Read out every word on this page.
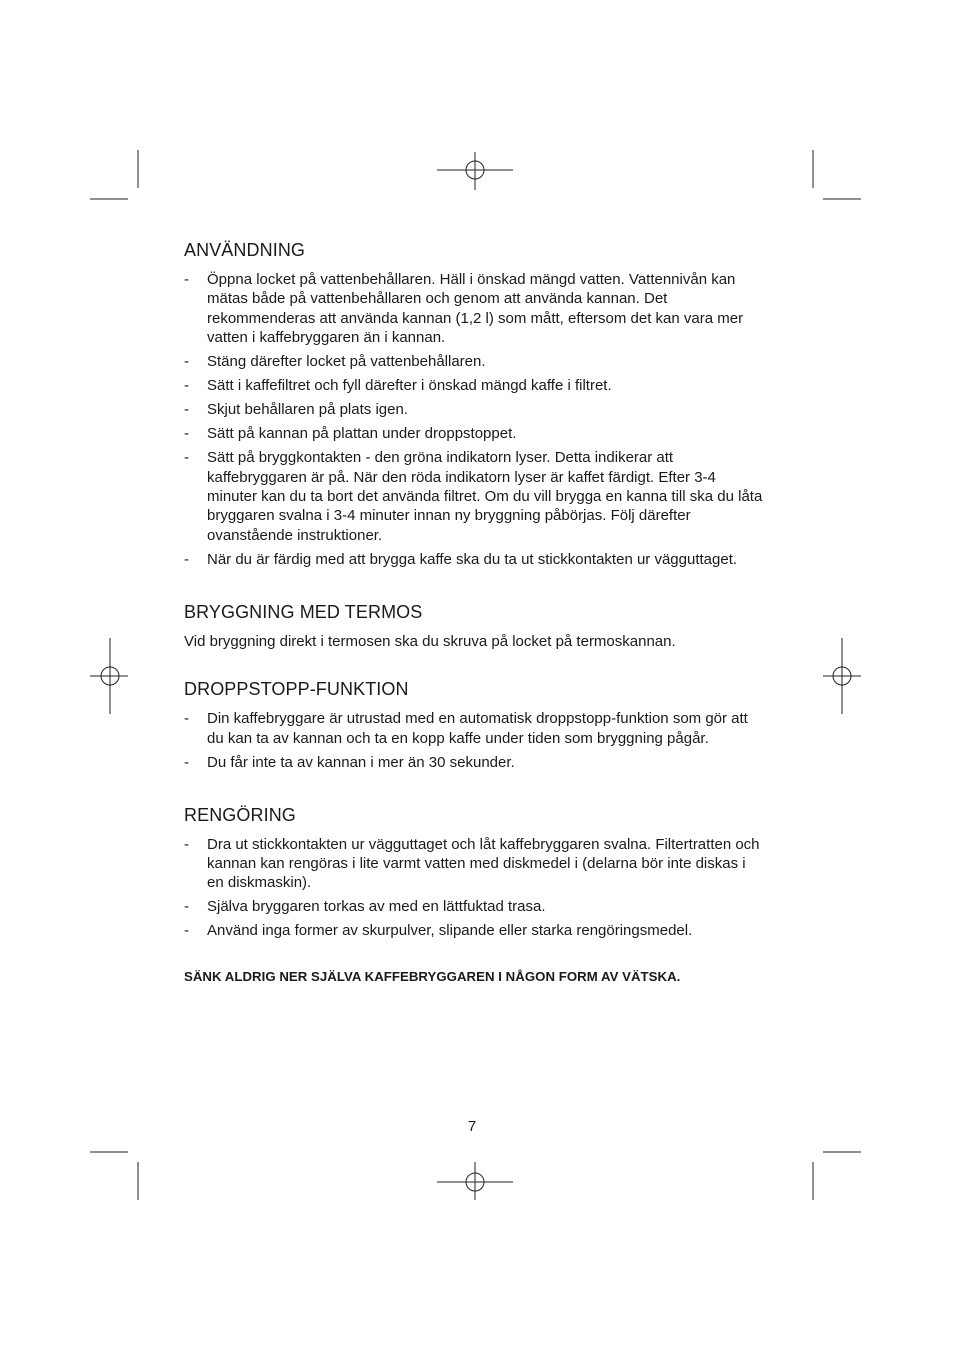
ANVÄNDNING
- Öppna locket på vattenbehållaren. Häll i önskad mängd vatten. Vattennivån kan mätas både på vattenbehållaren och genom att använda kannan. Det rekommenderas att använda kannan (1,2 l) som mått, eftersom det kan vara mer vatten i kaffebryggaren än i kannan.
- Stäng därefter locket på vattenbehållaren.
- Sätt i kaffefiltret och fyll därefter i önskad mängd kaffe i filtret.
- Skjut behållaren på plats igen.
- Sätt på kannan på plattan under droppstoppet.
- Sätt på bryggkontakten - den gröna indikatorn lyser. Detta indikerar att kaffebryggaren är på. När den röda indikatorn lyser är kaffet färdigt. Efter 3-4 minuter kan du ta bort det använda filtret. Om du vill brygga en kanna till ska du låta bryggaren svalna i 3-4 minuter innan ny bryggning påbörjas. Följ därefter ovanstående instruktioner.
- När du är färdig med att brygga kaffe ska du ta ut stickkontakten ur vägguttaget.
BRYGGNING MED TERMOS

Vid bryggning direkt i termosen ska du skruva på locket på termoskannan.

DROPPSTOPP-FUNKTION
- Din kaffebryggare är utrustad med en automatisk droppstopp-funktion som gör att du kan ta av kannan och ta en kopp kaffe under tiden som bryggning pågår.
- Du får inte ta av kannan i mer än 30 sekunder.
RENGÖRING
- Dra ut stickkontakten ur vägguttaget och låt kaffebryggaren svalna. Filtertratten och kannan kan rengöras i lite varmt vatten med diskmedel i (delarna bör inte diskas i en diskmaskin).
- Själva bryggaren torkas av med en lättfuktad trasa.
- Använd inga former av skurpulver, slipande eller starka rengöringsmedel.

SÄNK ALDRIG NER SJÄLVA KAFFEBRYGGAREN I NÅGON FORM AV VÄTSKA.

7
